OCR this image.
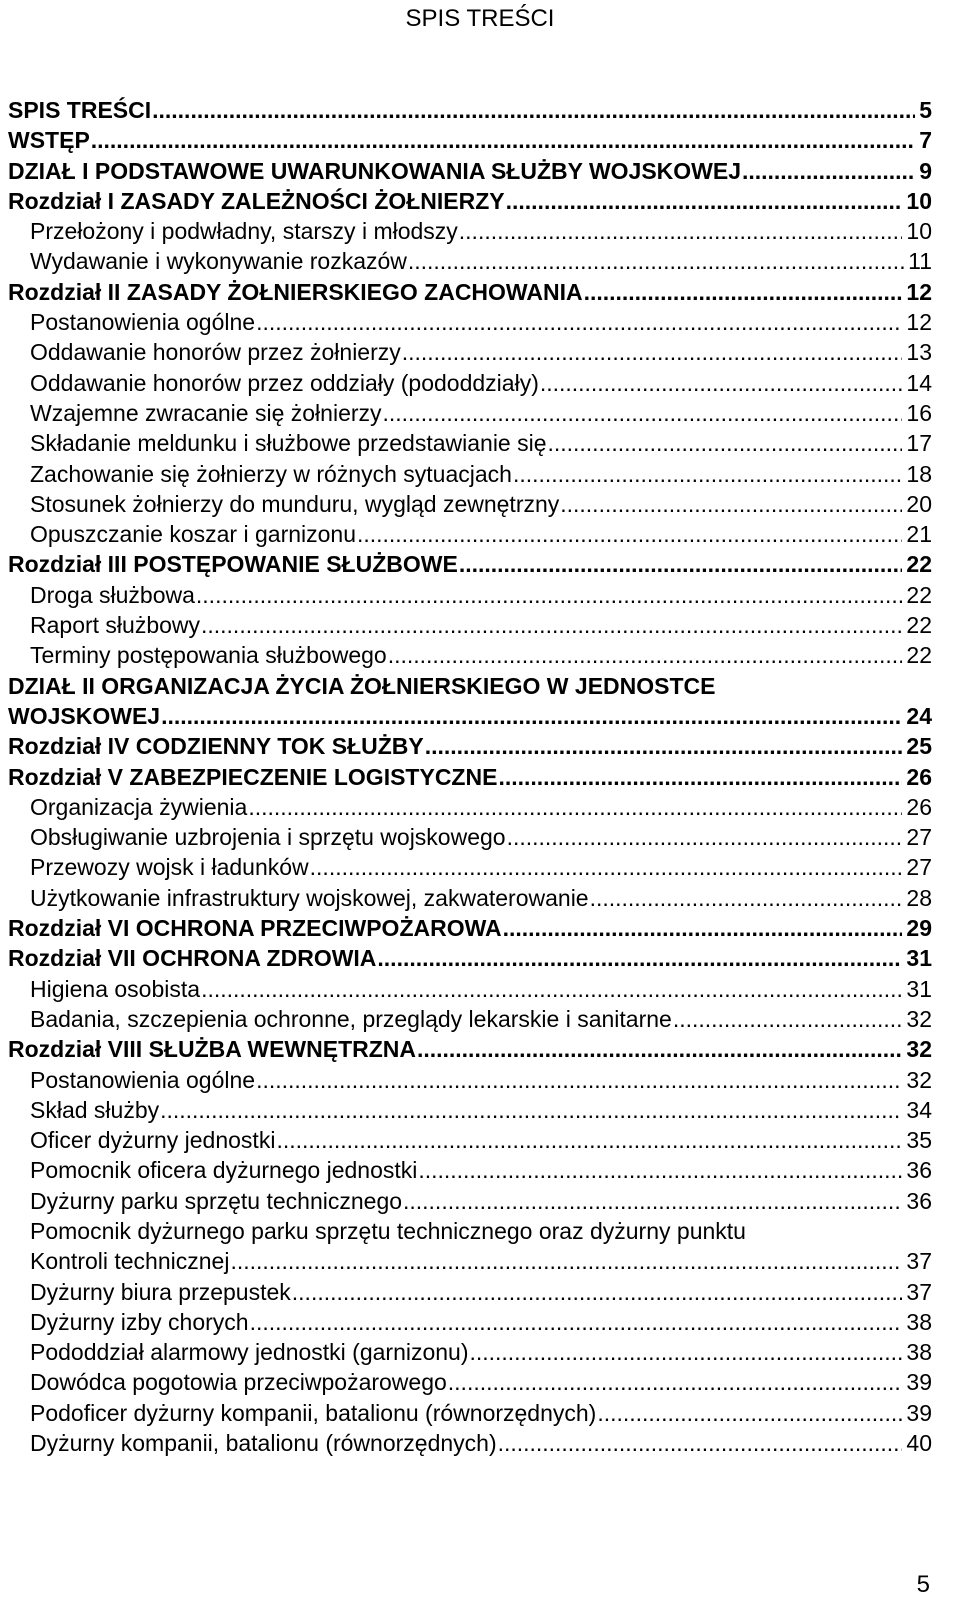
SPIS TREŚCI
SPIS TREŚCI . . .	5
WSTĘP . . .	7
DZIAŁ I PODSTAWOWE UWARUNKOWANIA SŁUŻBY WOJSKOWEJ . . .	9
Rozdział I ZASADY ZALEŻNOŚCI ŻOŁNIERZY . . .	10
Przełożony i podwładny, starszy i młodszy . . .	10
Wydawanie i wykonywanie rozkazów . . .	11
Rozdział II ZASADY ŻOŁNIERSKIEGO ZACHOWANIA . . .	12
Postanowienia ogólne . . .	12
Oddawanie honorów przez żołnierzy . . .	13
Oddawanie honorów przez oddziały (pododdziały) . . .	14
Wzajemne zwracanie się żołnierzy . . .	16
Składanie meldunku i służbowe przedstawianie się . . .	17
Zachowanie się żołnierzy w różnych sytuacjach . . .	18
Stosunek żołnierzy do munduru, wygląd zewnętrzny . . .	20
Opuszczanie koszar i garnizonu . . .	21
Rozdział III POSTĘPOWANIE SŁUŻBOWE . . .	22
Droga służbowa . . .	22
Raport służbowy . . .	22
Terminy postępowania służbowego . . .	22
DZIAŁ II ORGANIZACJA ŻYCIA ŻOŁNIERSKIEGO W JEDNOSTCE
WOJSKOWEJ . . .	24
Rozdział IV CODZIENNY TOK SŁUŻBY . . .	25
Rozdział V ZABEZPIECZENIE LOGISTYCZNE . . .	26
Organizacja żywienia . . .	26
Obsługiwanie uzbrojenia i sprzętu wojskowego . . .	27
Przewozy wojsk i ładunków . . .	27
Użytkowanie infrastruktury wojskowej, zakwaterowanie . . .	28
Rozdział VI OCHRONA PRZECIWPOŻAROWA . . .	29
Rozdział VII OCHRONA ZDROWIA . . .	31
Higiena osobista . . .	31
Badania, szczepienia ochronne, przeglądy lekarskie i sanitarne . . .	32
Rozdział VIII SŁUŻBA WEWNĘTRZNA . . .	32
Postanowienia ogólne . . .	32
Skład służby . . .	34
Oficer dyżurny jednostki . . .	35
Pomocnik oficera dyżurnego jednostki . . .	36
Dyżurny parku sprzętu technicznego . . .	36
Pomocnik dyżurnego parku sprzętu technicznego oraz dyżurny punktu
Kontroli technicznej . . .	37
Dyżurny biura przepustek . . .	37
Dyżurny izby chorych . . .	38
Pododdział alarmowy jednostki (garnizonu) . . .	38
Dowódca pogotowia przeciwpożarowego . . .	39
Podoficer dyżurny kompanii, batalionu (równorzędnych) . . .	39
Dyżurny kompanii, batalionu (równorzędnych) . . .	40
5
